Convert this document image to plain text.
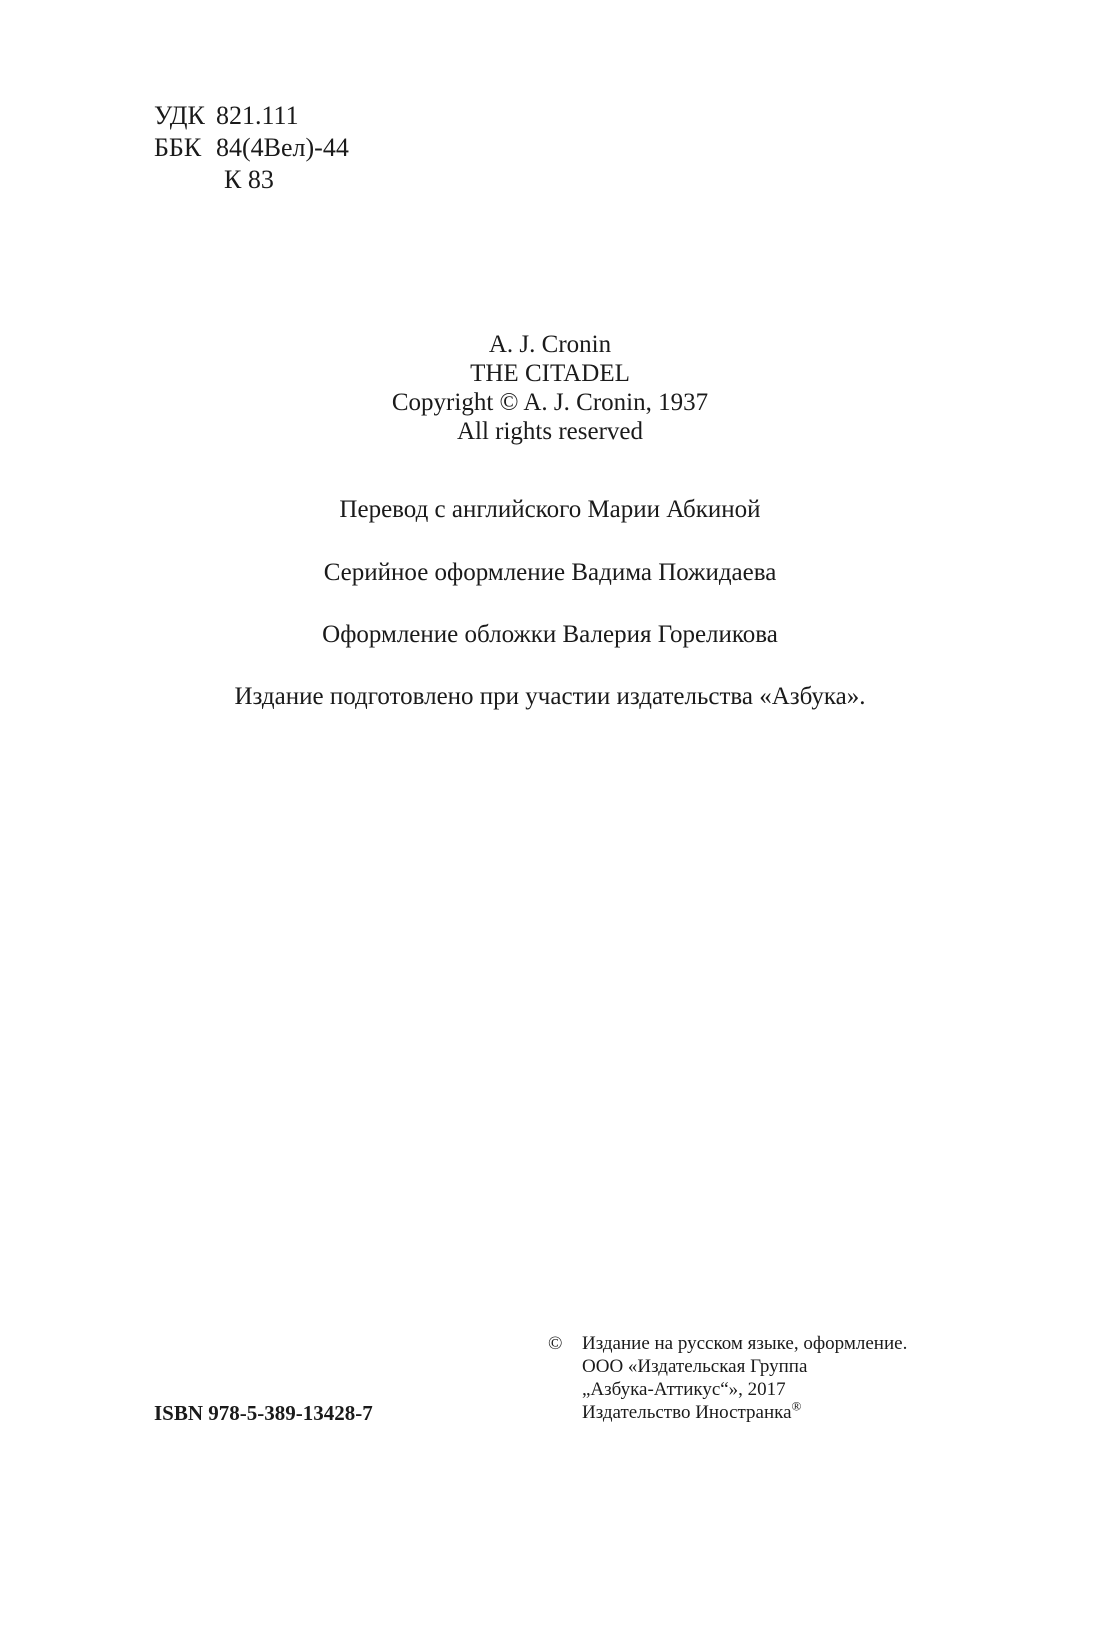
УДК 821.111
ББК 84(4Вел)-44
К 83
A. J. Cronin
THE CITADEL
Copyright © A. J. Cronin, 1937
All rights reserved
Перевод с английского Марии Абкиной
Серийное оформление Вадима Пожидаева
Оформление обложки Валерия Гореликова
Издание подготовлено при участии издательства «Азбука».
ISBN 978-5-389-13428-7
©	Издание на русском языке, оформление.
ООО «Издательская Группа
„Азбука-Аттикус“», 2017
Издательство Иностранка®
